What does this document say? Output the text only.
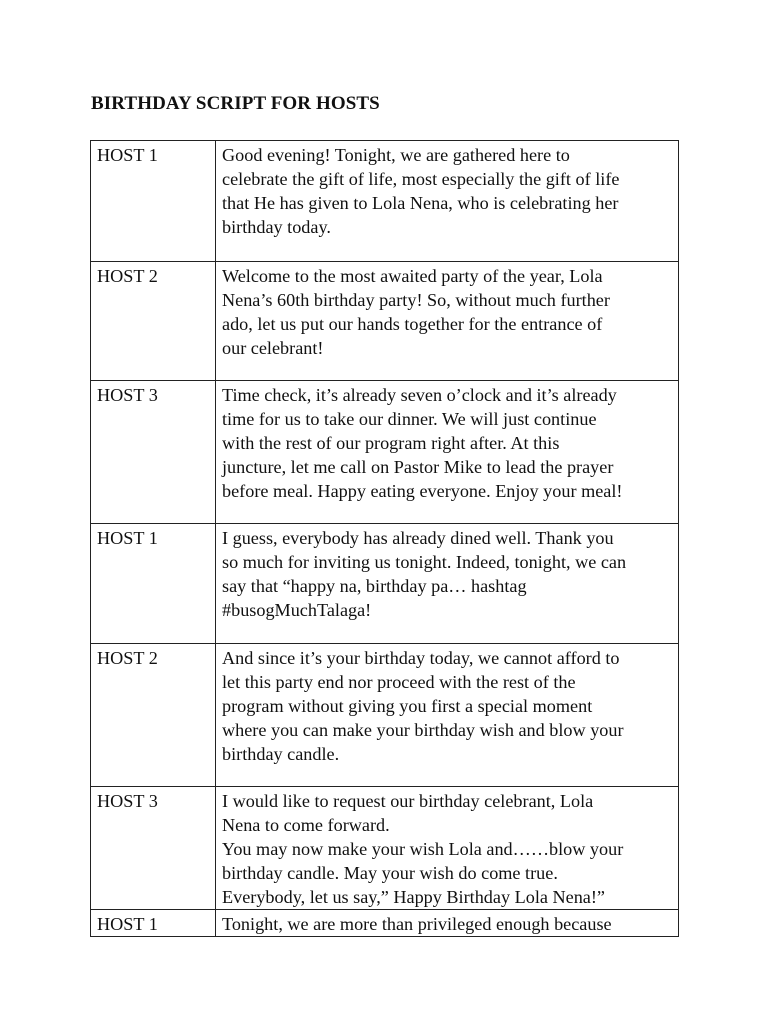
BIRTHDAY SCRIPT FOR HOSTS
HOST 1	Good evening! Tonight, we are gathered here to
celebrate the gift of life, most especially the gift of life
that He has given to Lola Nena, who is celebrating her
birthday today.
HOST 2	Welcome to the most awaited party of the year, Lola
Nena’s 60th birthday party! So, without much further
ado, let us put our hands together for the entrance of
our celebrant!
HOST 3	Time check, it’s already seven o’clock and it’s already
time for us to take our dinner. We will just continue
with the rest of our program right after. At this
juncture, let me call on Pastor Mike to lead the prayer
before meal. Happy eating everyone. Enjoy your meal!
HOST 1	I guess, everybody has already dined well. Thank you
so much for inviting us tonight. Indeed, tonight, we can
say that “happy na, birthday pa… hashtag
#busogMuchTalaga!
HOST 2	And since it’s your birthday today, we cannot afford to
let this party end nor proceed with the rest of the
program without giving you first a special moment
where you can make your birthday wish and blow your
birthday candle.
HOST 3	I would like to request our birthday celebrant, Lola
Nena to come forward.
You may now make your wish Lola and……blow your
birthday candle. May your wish do come true.
Everybody, let us say,” Happy Birthday Lola Nena!”
HOST 1	Tonight, we are more than privileged enough because
